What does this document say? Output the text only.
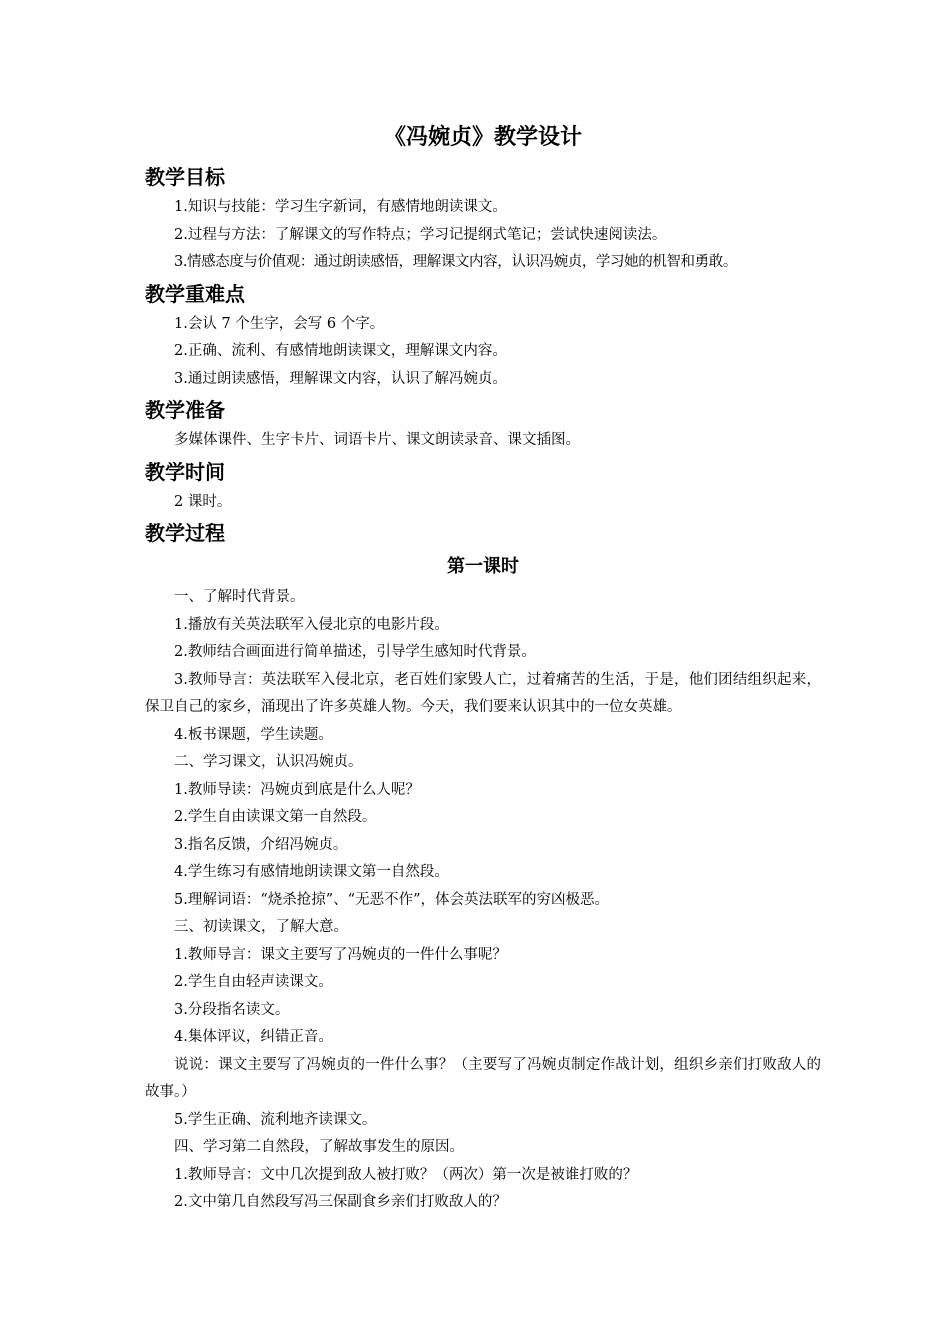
《冯婉贞》教学设计
教学目标

1.知识与技能：学习生字新词，有感情地朗读课文。

2.过程与方法：了解课文的写作特点；学习记提纲式笔记；尝试快速阅读法。

3.情感态度与价值观：通过朗读感悟，理解课文内容，认识冯婉贞，学习她的机智和勇敢。

教学重难点

1.会认 7 个生字，会写 6 个字。

2.正确、流利、有感情地朗读课文，理解课文内容。

3.通过朗读感悟，理解课文内容，认识了解冯婉贞。

教学准备

多媒体课件、生字卡片、词语卡片、课文朗读录音、课文插图。

教学时间

2 课时。

教学过程
第一课时

一、了解时代背景。

1.播放有关英法联军入侵北京的电影片段。

2.教师结合画面进行简单描述，引导学生感知时代背景。

3.教师导言：英法联军入侵北京，老百姓们家毁人亡，过着痛苦的生活，于是，他们团结组织起来，保卫自己的家乡，涌现出了许多英雄人物。今天，我们要来认识其中的一位女英雄。

4.板书课题，学生读题。

二、学习课文，认识冯婉贞。

1.教师导读：冯婉贞到底是什么人呢？

2.学生自由读课文第一自然段。

3.指名反馈，介绍冯婉贞。

4.学生练习有感情地朗读课文第一自然段。

5.理解词语：“烧杀抢掠”、“无恶不作”，体会英法联军的穷凶极恶。

三、初读课文，了解大意。

1.教师导言：课文主要写了冯婉贞的一件什么事呢？

2.学生自由轻声读课文。

3.分段指名读文。

4.集体评议，纠错正音。

说说：课文主要写了冯婉贞的一件什么事？（主要写了冯婉贞制定作战计划，组织乡亲们打败敌人的故事。）

5.学生正确、流利地齐读课文。

四、学习第二自然段，了解故事发生的原因。

1.教师导言：文中几次提到敌人被打败？（两次）第一次是被谁打败的？

2.文中第几自然段写冯三保副食乡亲们打败敌人的？
